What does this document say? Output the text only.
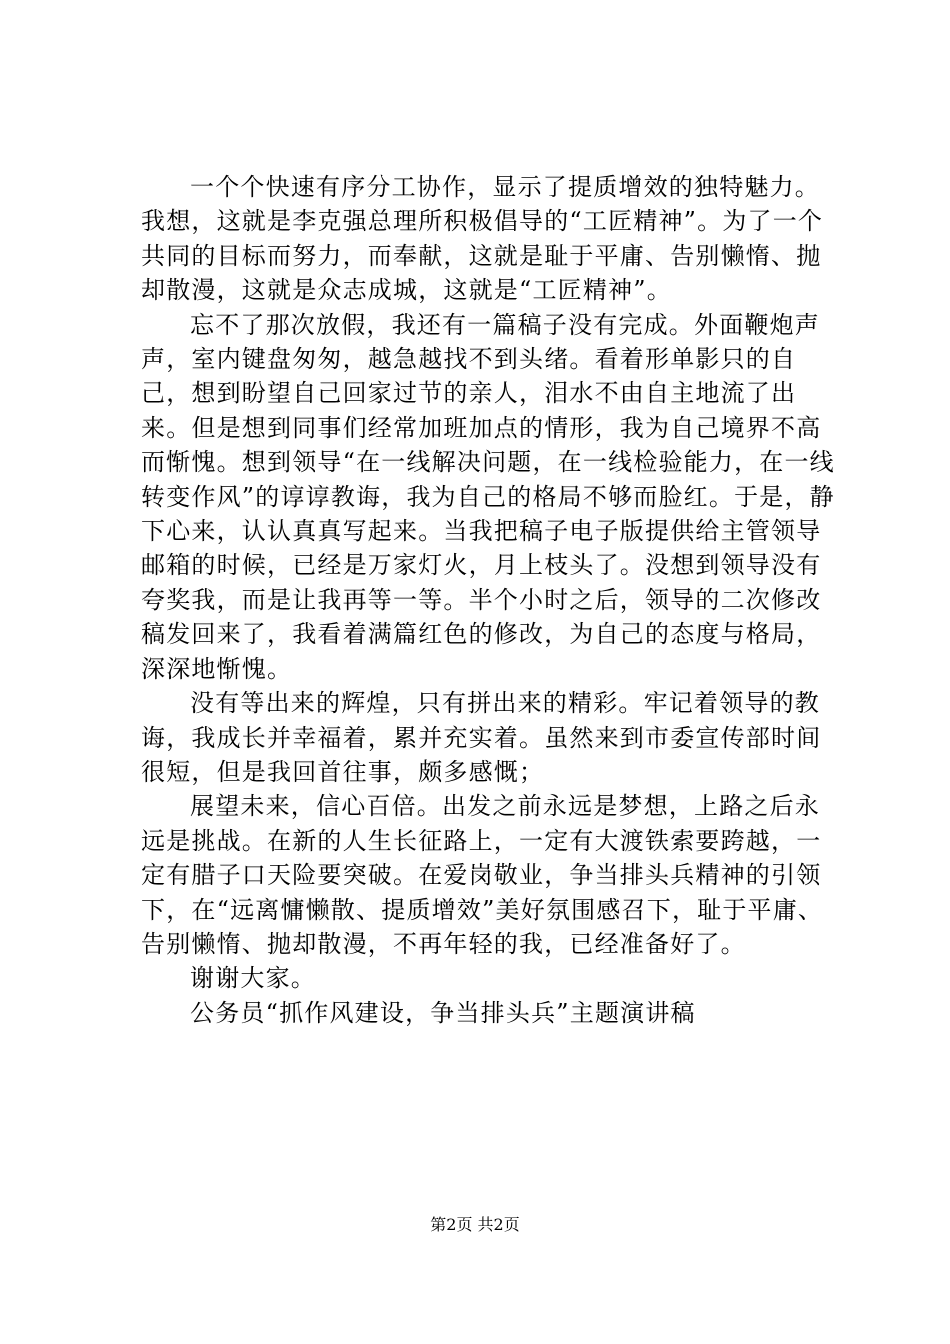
一个个快速有序分工协作，显示了提质增效的独特魅力。我想，这就是李克强总理所积极倡导的“工匠精神”。为了一个共同的目标而努力，而奉献，这就是耻于平庸、告别懒惰、抛却散漫，这就是众志成城，这就是“工匠精神”。

忘不了那次放假，我还有一篇稿子没有完成。外面鞭炮声声，室内键盘匆匆，越急越找不到头绪。看着形单影只的自己，想到盼望自己回家过节的亲人，泪水不由自主地流了出来。但是想到同事们经常加班加点的情形，我为自己境界不高而惭愧。想到领导“在一线解决问题，在一线检验能力，在一线转变作风”的谆谆教诲，我为自己的格局不够而脸红。于是，静下心来，认认真真写起来。当我把稿子电子版提供给主管领导邮箱的时候，已经是万家灯火，月上枝头了。没想到领导没有夸奖我，而是让我再等一等。半个小时之后，领导的二次修改稿发回来了，我看着满篇红色的修改，为自己的态度与格局，深深地惭愧。

没有等出来的辉煌，只有拼出来的精彩。牢记着领导的教诲，我成长并幸福着，累并充实着。虽然来到市委宣传部时间很短，但是我回首往事，颇多感慨；

展望未来，信心百倍。出发之前永远是梦想，上路之后永远是挑战。在新的人生长征路上，一定有大渡铁索要跨越，一定有腊子口天险要突破。在爱岗敬业，争当排头兵精神的引领下，在“远离慵懒散、提质增效”美好氛围感召下，耻于平庸、告别懒惰、抛却散漫，不再年轻的我，已经准备好了。

谢谢大家。

公务员“抓作风建设，争当排头兵”主题演讲稿

第2页 共2页
